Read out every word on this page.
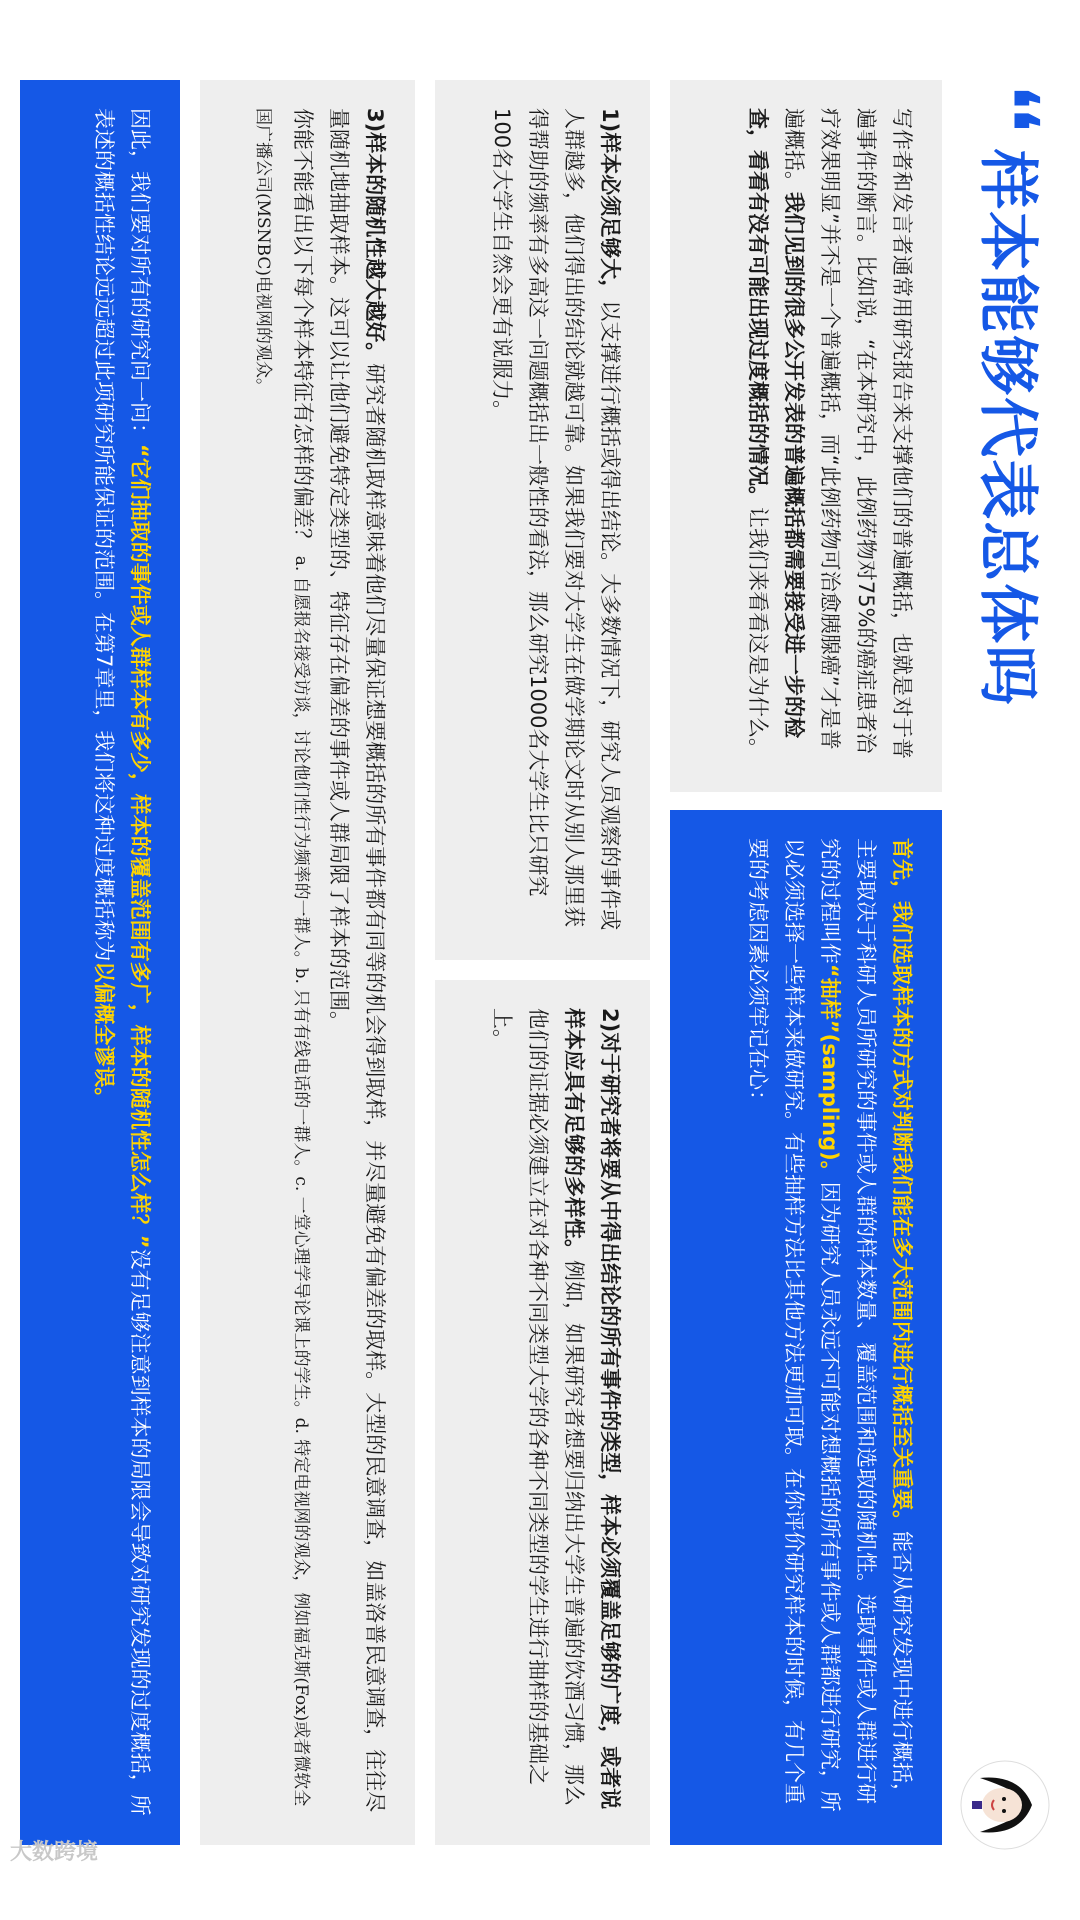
❛❛
样本能够代表总体吗

写作者和发言者通常用研究报告来支撑他们的普遍概括，也就是对于普遍事件的断言。比如说，“在本研究中，此例药物对75%的癌症患者治疗效果明显”并不是一个普遍概括，而“此例药物可治愈胰腺癌”才是普遍概括。我们见到的很多公开发表的普遍概括都需要接受进一步的检查，看看有没有可能出现过度概括的情况。让我们来看看这是为什么。

首先，我们选取样本的方式对判断我们能在多大范围内进行概括至关重要。能否从研究发现中进行概括，主要取决于科研人员所研究的事件或人群的样本数量、覆盖范围和选取的随机性。选取事件或人群进行研究的过程叫作“抽样”(sampling)。因为研究人员永远不可能对想概括的所有事件或人群都进行研究，所以必须选择一些样本来做研究。有些抽样方法比其他方法更加可取。在你评价研究样本的时候，有几个重要的考虑因素必须牢记在心：

1)样本必须足够大，以支撑进行概括或得出结论。大多数情况下，研究人员观察的事件或人群越多，他们得出的结论就越可靠。如果我们要对大学生在做学期论文时从别人那里获得帮助的频率有多高这一问题概括出一般性的看法，那么研究1000名大学生比只研究100名大学生自然会更有说服力。

2)对于研究者将要从中得出结论的所有事件的类型，样本必须覆盖足够的广度，或者说样本应具有足够的多样性。例如，如果研究者想要归纳出大学生普遍的饮酒习惯，那么他们的证据必须建立在对各种不同类型大学的各种不同类型的学生进行抽样的基础之上。

3)样本的随机性越大越好。研究者随机取样意味着他们尽量保证想要概括的所有事件都有同等的机会得到取样，并尽量避免有偏差的取样。大型的民意调查，如盖洛普民意调查，往往尽量随机地抽取样本。这可以让他们避免特定类型的、特征存在偏差的事件或人群局限了样本的范围。

你能不能看出以下每个样本特征有怎样的偏差？ a. 自愿报名接受访谈，讨论他们性行为频率的一群人。b. 只有有线电话的一群人。c. 一堂心理学导论课上的学生。d. 特定电视网的观众，例如福克斯(Fox)或者微软全国广播公司(MSNBC)电视网的观众。

因此，我们要对所有的研究问一问：“它们抽取的事件或人群样本有多少，样本的覆盖范围有多广，样本的随机性怎么样？”没有足够注意到样本的局限会导致对研究发现的过度概括，所表述的概括性结论远远超过此项研究所能保证的范围。在第7章里，我们将这种过度概括称为以偏概全谬误。

大数跨境
